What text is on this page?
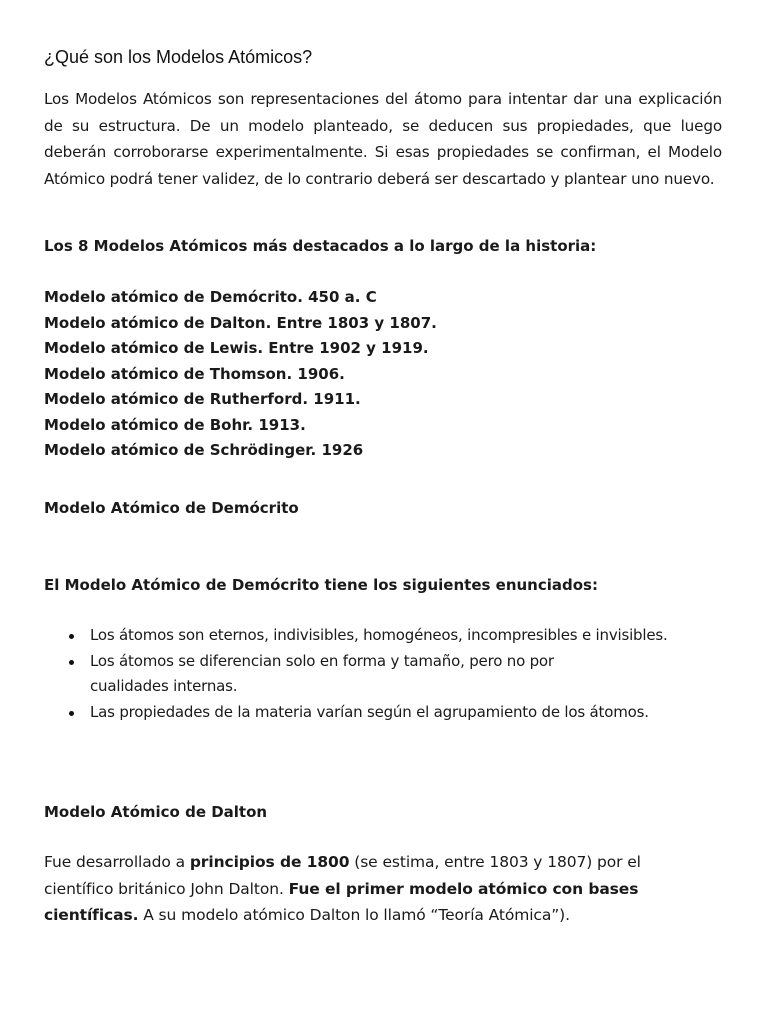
¿Qué son los Modelos Atómicos?

Los Modelos Atómicos son representaciones del átomo para intentar dar una explicación de su estructura. De un modelo planteado, se deducen sus propiedades, que luego deberán corroborarse experimentalmente. Si esas propiedades se confirman, el Modelo Atómico podrá tener validez, de lo contrario deberá ser descartado y plantear uno nuevo.

Los 8 Modelos Atómicos más destacados a lo largo de la historia:
Modelo atómico de Demócrito. 450 a. C
Modelo atómico de Dalton. Entre 1803 y 1807.
Modelo atómico de Lewis. Entre 1902 y 1919.
Modelo atómico de Thomson. 1906.
Modelo atómico de Rutherford. 1911.
Modelo atómico de Bohr. 1913.
Modelo atómico de Schrödinger. 1926
Modelo Atómico de Demócrito
El Modelo Atómico de Demócrito tiene los siguientes enunciados:
Los átomos son eternos, indivisibles, homogéneos, incompresibles e invisibles.
Los átomos se diferencian solo en forma y tamaño, pero no por cualidades internas.
Las propiedades de la materia varían según el agrupamiento de los átomos.
Modelo Atómico de Dalton

Fue desarrollado a principios de 1800 (se estima, entre 1803 y 1807) por el científico británico John Dalton. Fue el primer modelo atómico con bases científicas. A su modelo atómico Dalton lo llamó “Teoría Atómica”).
